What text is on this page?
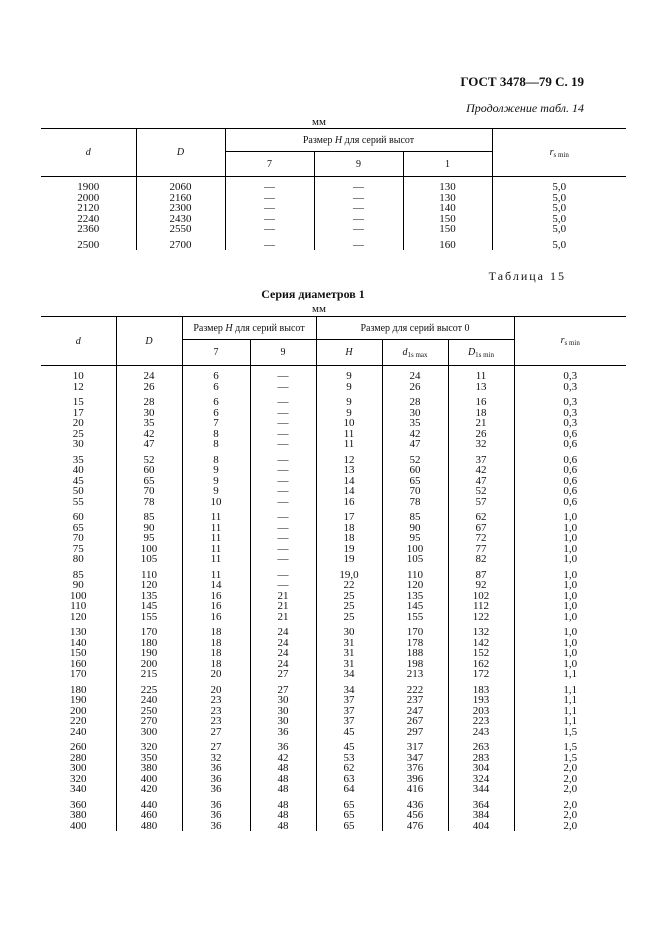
ГОСТ 3478—79 С. 19
Продолжение табл. 14
мм
d	D	Размер H для серий высот			$r_{s min}$
		7	9	1	
1900	2060	—	—	130	5,0
2000	2160	—	—	130	5,0
2120	2300	—	—	140	5,0
2240	2430	—	—	150	5,0
2360	2550	—	—	150	5,0
2500	2700	—	—	160	5,0
Таблица 15
Серия диаметров 1
мм
d	D	Размер H для серий высот		Размер для серий высот 0			$r_{s min}$
		7	9	H	$d_{1s max}$	$D_{1s min}$
10	24	6	—	9	24	11	0,3
12	26	6	—	9	26	13	0,3
15	28	6	—	9	28	16	0,3
17	30	6	—	9	30	18	0,3
20	35	7	—	10	35	21	0,3
25	42	8	—	11	42	26	0,6
30	47	8	—	11	47	32	0,6
35	52	8	—	12	52	37	0,6
40	60	9	—	13	60	42	0,6
45	65	9	—	14	65	47	0,6
50	70	9	—	14	70	52	0,6
55	78	10	—	16	78	57	0,6
60	85	11	—	17	85	62	1,0
65	90	11	—	18	90	67	1,0
70	95	11	—	18	95	72	1,0
75	100	11	—	19	100	77	1,0
80	105	11	—	19	105	82	1,0
85	110	11	—	19,0	110	87	1,0
90	120	14	—	22	120	92	1,0
100	135	16	21	25	135	102	1,0
110	145	16	21	25	145	112	1,0
120	155	16	21	25	155	122	1,0
130	170	18	24	30	170	132	1,0
140	180	18	24	31	178	142	1,0
150	190	18	24	31	188	152	1,0
160	200	18	24	31	198	162	1,0
170	215	20	27	34	213	172	1,1
180	225	20	27	34	222	183	1,1
190	240	23	30	37	237	193	1,1
200	250	23	30	37	247	203	1,1
220	270	23	30	37	267	223	1,1
240	300	27	36	45	297	243	1,5
260	320	27	36	45	317	263	1,5
280	350	32	42	53	347	283	1,5
300	380	36	48	62	376	304	2,0
320	400	36	48	63	396	324	2,0
340	420	36	48	64	416	344	2,0
360	440	36	48	65	436	364	2,0
380	460	36	48	65	456	384	2,0
400	480	36	48	65	476	404	2,0
